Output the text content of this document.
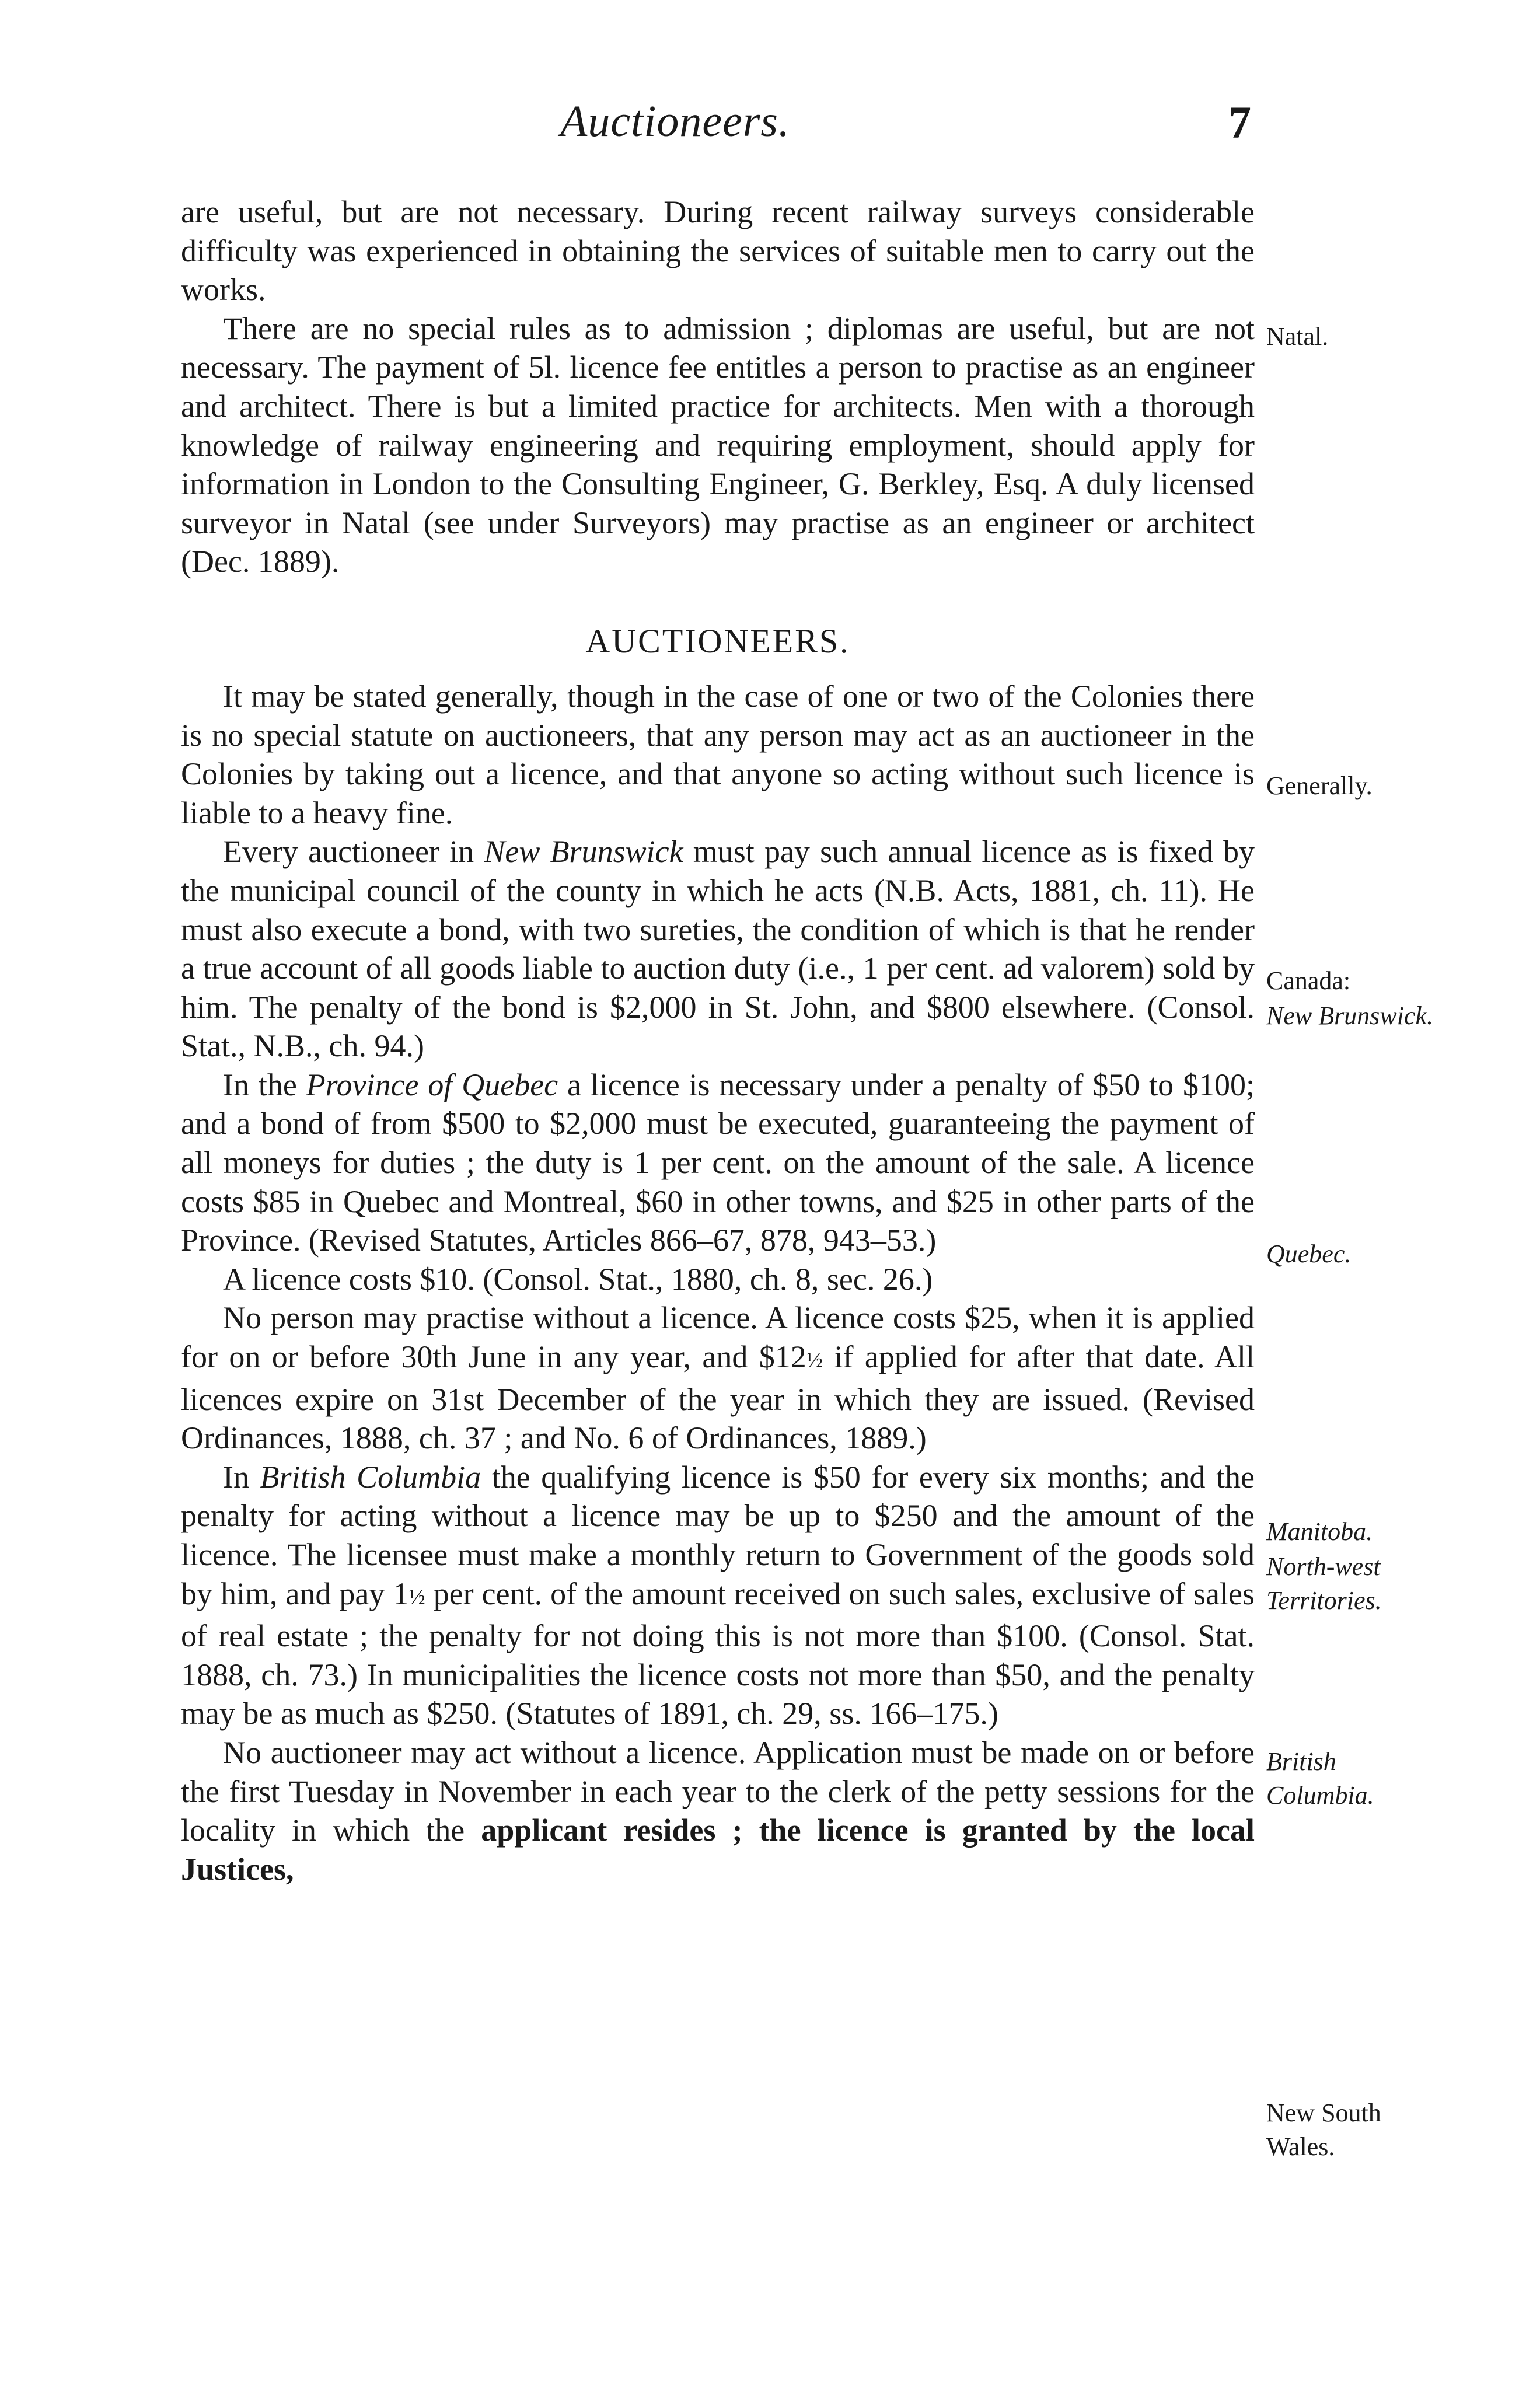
Auctioneers.	7

are useful, but are not necessary. During recent railway surveys considerable difficulty was experienced in obtaining the services of suitable men to carry out the works.

There are no special rules as to admission ; diplomas are useful, but are not necessary. The payment of 5l. licence fee entitles a person to practise as an engineer and architect. There is but a limited practice for architects. Men with a thorough knowledge of railway engineering and requiring employment, should apply for information in London to the Consulting Engineer, G. Berkley, Esq. A duly licensed surveyor in Natal (see under Surveyors) may practise as an engineer or architect (Dec. 1889).

AUCTIONEERS.

It may be stated generally, though in the case of one or two of the Colonies there is no special statute on auctioneers, that any person may act as an auctioneer in the Colonies by taking out a licence, and that anyone so acting without such licence is liable to a heavy fine.

Every auctioneer in New Brunswick must pay such annual licence as is fixed by the municipal council of the county in which he acts (N.B. Acts, 1881, ch. 11). He must also execute a bond, with two sureties, the condition of which is that he render a true account of all goods liable to auction duty (i.e., 1 per cent. ad valorem) sold by him. The penalty of the bond is $2,000 in St. John, and $800 elsewhere. (Consol. Stat., N.B., ch. 94.)

In the Province of Quebec a licence is necessary under a penalty of $50 to $100; and a bond of from $500 to $2,000 must be executed, guaranteeing the payment of all moneys for duties ; the duty is 1 per cent. on the amount of the sale. A licence costs $85 in Quebec and Montreal, $60 in other towns, and $25 in other parts of the Province. (Revised Statutes, Articles 866–67, 878, 943–53.)

A licence costs $10. (Consol. Stat., 1880, ch. 8, sec. 26.)

No person may practise without a licence. A licence costs $25, when it is applied for on or before 30th June in any year, and $12½ if applied for after that date. All licences expire on 31st December of the year in which they are issued. (Revised Ordinances, 1888, ch. 37 ; and No. 6 of Ordinances, 1889.)

In British Columbia the qualifying licence is $50 for every six months; and the penalty for acting without a licence may be up to $250 and the amount of the licence. The licensee must make a monthly return to Government of the goods sold by him, and pay 1½ per cent. of the amount received on such sales, exclusive of sales of real estate ; the penalty for not doing this is not more than $100. (Consol. Stat. 1888, ch. 73.) In municipalities the licence costs not more than $50, and the penalty may be as much as $250. (Statutes of 1891, ch. 29, ss. 166–175.)

No auctioneer may act without a licence. Application must be made on or before the first Tuesday in November in each year to the clerk of the petty sessions for the locality in which the applicant resides ; the licence is granted by the local Justices,

Natal.
Generally.
Canada:
New Brunswick.
Quebec.
Manitoba.
North-west Territories.
British Columbia.
New South Wales.
